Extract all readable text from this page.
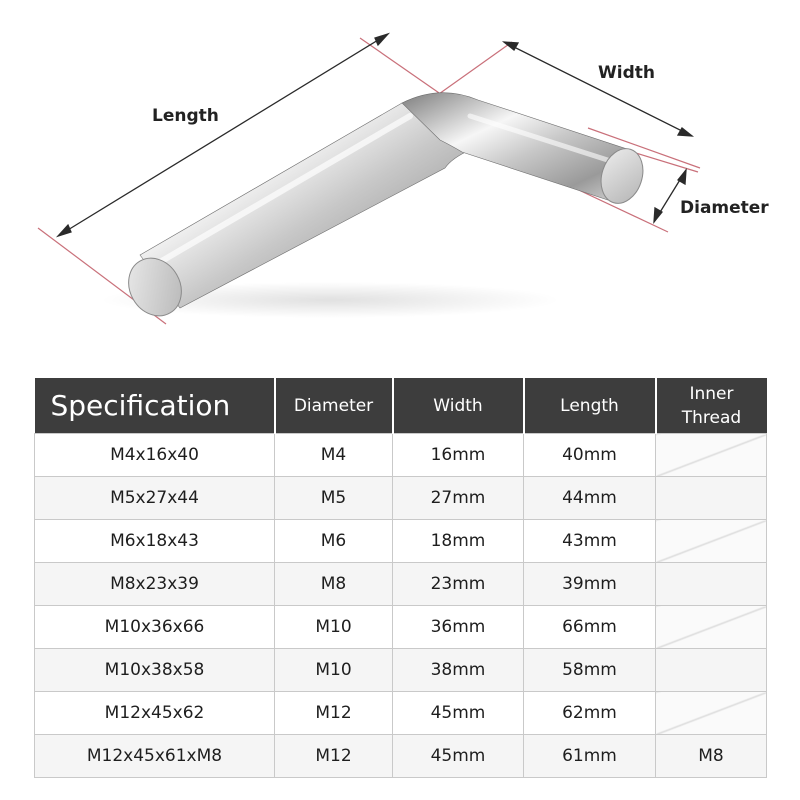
Length
Width
Diameter
Specification	Diameter	Width	Length	Inner Thread
M4x16x40	M4	16mm	40mm	
M5x27x44	M5	27mm	44mm	
M6x18x43	M6	18mm	43mm	
M8x23x39	M8	23mm	39mm	
M10x36x66	M10	36mm	66mm	
M10x38x58	M10	38mm	58mm	
M12x45x62	M12	45mm	62mm	
M12x45x61xM8	M12	45mm	61mm	M8
